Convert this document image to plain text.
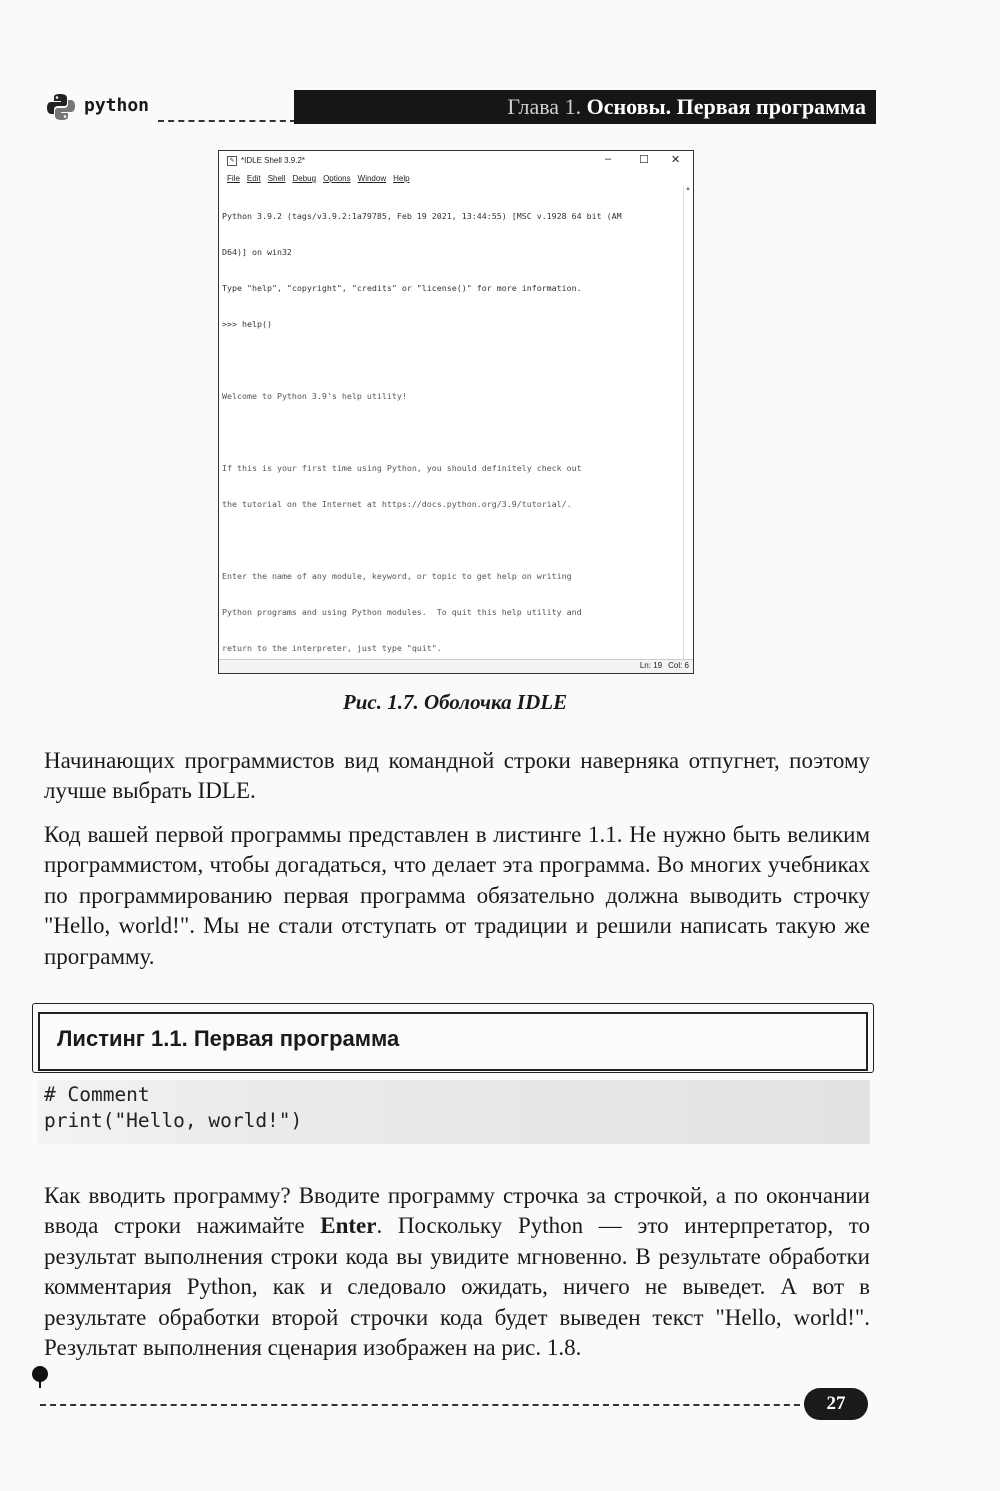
python	Глава 1. Основы. Первая программа
✎ *IDLE Shell 3.9.2*	–	☐ ✕
File Edit Shell Debug Options Window Help

Python 3.9.2 (tags/v3.9.2:1a79785, Feb 19 2021, 13:44:55) [MSC v.1928 64 bit (AM

D64)] on win32

Type "help", "copyright", "credits" or "license()" for more information.

>>> help()

Welcome to Python 3.9's help utility!

If this is your first time using Python, you should definitely check out

the tutorial on the Internet at https://docs.python.org/3.9/tutorial/.

Enter the name of any module, keyword, or topic to get help on writing

Python programs and using Python modules.  To quit this help utility and

return to the interpreter, just type "quit".

▲
Ln: 19 Col: 6
Рис. 1.7. Оболочка IDLE

Начинающих программистов вид командной строки наверняка отпугнет, поэтому лучше выбрать IDLE.

Код вашей первой программы представлен в листинге 1.1. Не нужно быть великим программистом, чтобы догадаться, что делает эта программа. Во многих учебниках по программированию первая программа обязательно должна выводить строчку "Hello, world!". Мы не стали отступать от традиции и решили написать такую же программу.

Листинг 1.1. Первая программа
# Comment
print("Hello, world!")

Как вводить программу? Вводите программу строчка за строчкой, а по окончании ввода строки нажимайте Enter. Поскольку Python — это интерпретатор, то результат выполнения строки кода вы увидите мгновенно. В результате обработки комментария Python, как и следовало ожидать, ничего не выведет. А вот в результате обработки второй строчки кода будет выведен текст "Hello, world!". Результат выполнения сценария изображен на рис. 1.8.

27
